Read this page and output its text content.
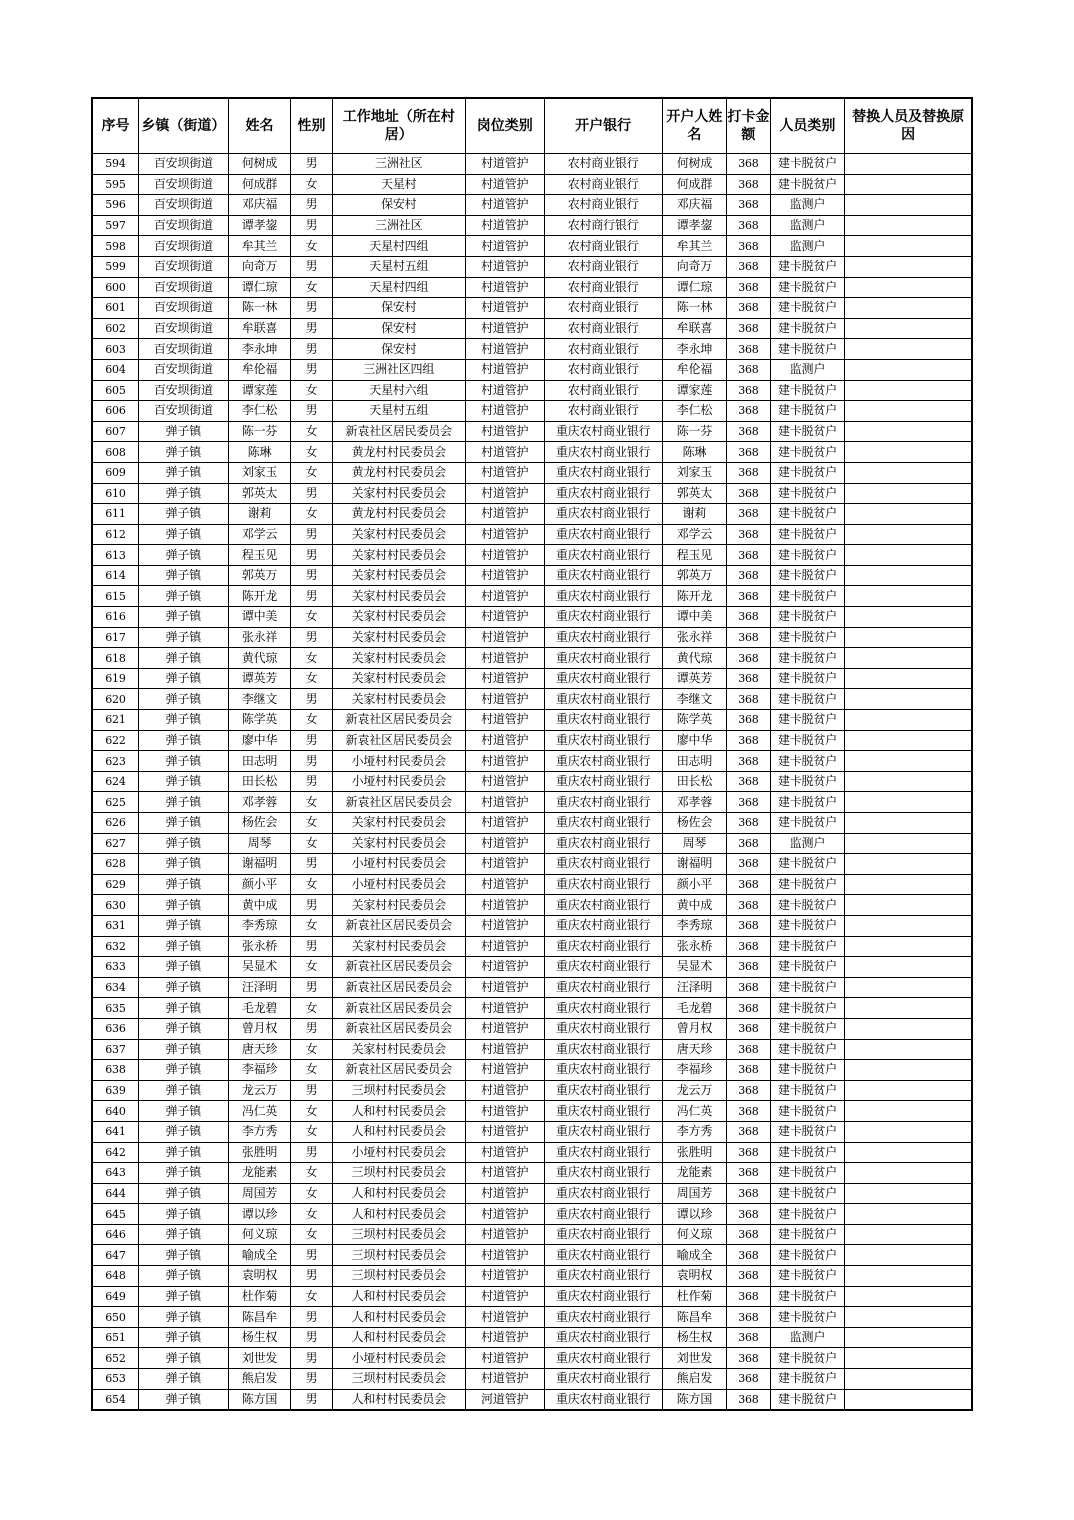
序号	乡镇（街道）	姓名	性别	工作地址（所在村居）	岗位类别	开户银行	开户人姓名	打卡金额	人员类别	替换人员及替换原因
594	百安坝街道	何树成	男	三洲社区	村道管护	农村商业银行	何树成	368	建卡脱贫户	
595	百安坝街道	何成群	女	天星村	村道管护	农村商业银行	何成群	368	建卡脱贫户	
596	百安坝街道	邓庆福	男	保安村	村道管护	农村商业银行	邓庆福	368	监测户	
597	百安坝街道	谭孝鋆	男	三洲社区	村道管护	农村商行银行	谭孝鋆	368	监测户	
598	百安坝街道	牟其兰	女	天星村四组	村道管护	农村商业银行	牟其兰	368	监测户	
599	百安坝街道	向奇万	男	天星村五组	村道管护	农村商业银行	向奇万	368	建卡脱贫户	
600	百安坝街道	谭仁琼	女	天星村四组	村道管护	农村商业银行	谭仁琼	368	建卡脱贫户	
601	百安坝街道	陈一林	男	保安村	村道管护	农村商业银行	陈一林	368	建卡脱贫户	
602	百安坝街道	牟联喜	男	保安村	村道管护	农村商业银行	牟联喜	368	建卡脱贫户	
603	百安坝街道	李永坤	男	保安村	村道管护	农村商业银行	李永坤	368	建卡脱贫户	
604	百安坝街道	牟伦福	男	三洲社区四组	村道管护	农村商业银行	牟伦福	368	监测户	
605	百安坝街道	谭家莲	女	天星村六组	村道管护	农村商业银行	谭家莲	368	建卡脱贫户	
606	百安坝街道	李仁松	男	天星村五组	村道管护	农村商业银行	李仁松	368	建卡脱贫户	
607	弹子镇	陈一芬	女	新袁社区居民委员会	村道管护	重庆农村商业银行	陈一芬	368	建卡脱贫户	
608	弹子镇	陈琳	女	黄龙村村民委员会	村道管护	重庆农村商业银行	陈琳	368	建卡脱贫户	
609	弹子镇	刘家玉	女	黄龙村村民委员会	村道管护	重庆农村商业银行	刘家玉	368	建卡脱贫户	
610	弹子镇	郭英太	男	关家村村民委员会	村道管护	重庆农村商业银行	郭英太	368	建卡脱贫户	
611	弹子镇	谢莉	女	黄龙村村民委员会	村道管护	重庆农村商业银行	谢莉	368	建卡脱贫户	
612	弹子镇	邓学云	男	关家村村民委员会	村道管护	重庆农村商业银行	邓学云	368	建卡脱贫户	
613	弹子镇	程玉见	男	关家村村民委员会	村道管护	重庆农村商业银行	程玉见	368	建卡脱贫户	
614	弹子镇	郭英万	男	关家村村民委员会	村道管护	重庆农村商业银行	郭英万	368	建卡脱贫户	
615	弹子镇	陈开龙	男	关家村村民委员会	村道管护	重庆农村商业银行	陈开龙	368	建卡脱贫户	
616	弹子镇	谭中美	女	关家村村民委员会	村道管护	重庆农村商业银行	谭中美	368	建卡脱贫户	
617	弹子镇	张永祥	男	关家村村民委员会	村道管护	重庆农村商业银行	张永祥	368	建卡脱贫户	
618	弹子镇	黄代琼	女	关家村村民委员会	村道管护	重庆农村商业银行	黄代琼	368	建卡脱贫户	
619	弹子镇	谭英芳	女	关家村村民委员会	村道管护	重庆农村商业银行	谭英芳	368	建卡脱贫户	
620	弹子镇	李继文	男	关家村村民委员会	村道管护	重庆农村商业银行	李继文	368	建卡脱贫户	
621	弹子镇	陈学英	女	新袁社区居民委员会	村道管护	重庆农村商业银行	陈学英	368	建卡脱贫户	
622	弹子镇	廖中华	男	新袁社区居民委员会	村道管护	重庆农村商业银行	廖中华	368	建卡脱贫户	
623	弹子镇	田志明	男	小垭村村民委员会	村道管护	重庆农村商业银行	田志明	368	建卡脱贫户	
624	弹子镇	田长松	男	小垭村村民委员会	村道管护	重庆农村商业银行	田长松	368	建卡脱贫户	
625	弹子镇	邓孝蓉	女	新袁社区居民委员会	村道管护	重庆农村商业银行	邓孝蓉	368	建卡脱贫户	
626	弹子镇	杨佐会	女	关家村村民委员会	村道管护	重庆农村商业银行	杨佐会	368	建卡脱贫户	
627	弹子镇	周琴	女	关家村村民委员会	村道管护	重庆农村商业银行	周琴	368	监测户	
628	弹子镇	谢福明	男	小垭村村民委员会	村道管护	重庆农村商业银行	谢福明	368	建卡脱贫户	
629	弹子镇	颜小平	女	小垭村村民委员会	村道管护	重庆农村商业银行	颜小平	368	建卡脱贫户	
630	弹子镇	黄中成	男	关家村村民委员会	村道管护	重庆农村商业银行	黄中成	368	建卡脱贫户	
631	弹子镇	李秀琼	女	新袁社区居民委员会	村道管护	重庆农村商业银行	李秀琼	368	建卡脱贫户	
632	弹子镇	张永桥	男	关家村村民委员会	村道管护	重庆农村商业银行	张永桥	368	建卡脱贫户	
633	弹子镇	吴显术	女	新袁社区居民委员会	村道管护	重庆农村商业银行	吴显术	368	建卡脱贫户	
634	弹子镇	汪泽明	男	新袁社区居民委员会	村道管护	重庆农村商业银行	汪泽明	368	建卡脱贫户	
635	弹子镇	毛龙碧	女	新袁社区居民委员会	村道管护	重庆农村商业银行	毛龙碧	368	建卡脱贫户	
636	弹子镇	曾月权	男	新袁社区居民委员会	村道管护	重庆农村商业银行	曾月权	368	建卡脱贫户	
637	弹子镇	唐天珍	女	关家村村民委员会	村道管护	重庆农村商业银行	唐天珍	368	建卡脱贫户	
638	弹子镇	李福珍	女	新袁社区居民委员会	村道管护	重庆农村商业银行	李福珍	368	建卡脱贫户	
639	弹子镇	龙云万	男	三坝村村民委员会	村道管护	重庆农村商业银行	龙云万	368	建卡脱贫户	
640	弹子镇	冯仁英	女	人和村村民委员会	村道管护	重庆农村商业银行	冯仁英	368	建卡脱贫户	
641	弹子镇	李方秀	女	人和村村民委员会	村道管护	重庆农村商业银行	李方秀	368	建卡脱贫户	
642	弹子镇	张胜明	男	小垭村村民委员会	村道管护	重庆农村商业银行	张胜明	368	建卡脱贫户	
643	弹子镇	龙能素	女	三坝村村民委员会	村道管护	重庆农村商业银行	龙能素	368	建卡脱贫户	
644	弹子镇	周国芳	女	人和村村民委员会	村道管护	重庆农村商业银行	周国芳	368	建卡脱贫户	
645	弹子镇	谭以珍	女	人和村村民委员会	村道管护	重庆农村商业银行	谭以珍	368	建卡脱贫户	
646	弹子镇	何义琼	女	三坝村村民委员会	村道管护	重庆农村商业银行	何义琼	368	建卡脱贫户	
647	弹子镇	喻成全	男	三坝村村民委员会	村道管护	重庆农村商业银行	喻成全	368	建卡脱贫户	
648	弹子镇	袁明权	男	三坝村村民委员会	村道管护	重庆农村商业银行	袁明权	368	建卡脱贫户	
649	弹子镇	杜作菊	女	人和村村民委员会	村道管护	重庆农村商业银行	杜作菊	368	建卡脱贫户	
650	弹子镇	陈昌牟	男	人和村村民委员会	村道管护	重庆农村商业银行	陈昌牟	368	建卡脱贫户	
651	弹子镇	杨生权	男	人和村村民委员会	村道管护	重庆农村商业银行	杨生权	368	监测户	
652	弹子镇	刘世发	男	小垭村村民委员会	村道管护	重庆农村商业银行	刘世发	368	建卡脱贫户	
653	弹子镇	熊启发	男	三坝村村民委员会	村道管护	重庆农村商业银行	熊启发	368	建卡脱贫户	
654	弹子镇	陈方国	男	人和村村民委员会	河道管护	重庆农村商业银行	陈方国	368	建卡脱贫户	
